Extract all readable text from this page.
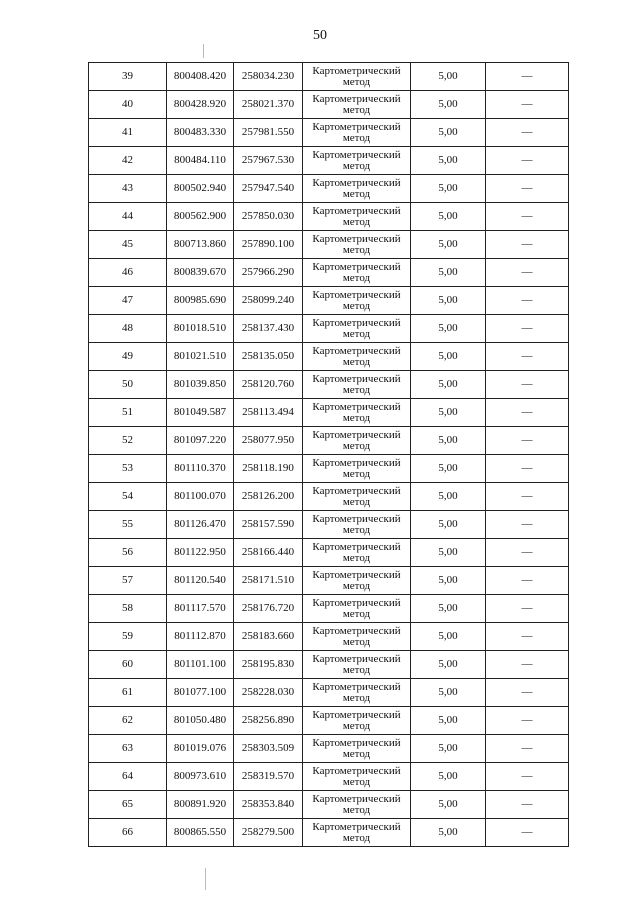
50
39	800408.420	258034.230	Картометрический метод	5,00	—
40	800428.920	258021.370	Картометрический метод	5,00	—
41	800483.330	257981.550	Картометрический метод	5,00	—
42	800484.110	257967.530	Картометрический метод	5,00	—
43	800502.940	257947.540	Картометрический метод	5,00	—
44	800562.900	257850.030	Картометрический метод	5,00	—
45	800713.860	257890.100	Картометрический метод	5,00	—
46	800839.670	257966.290	Картометрический метод	5,00	—
47	800985.690	258099.240	Картометрический метод	5,00	—
48	801018.510	258137.430	Картометрический метод	5,00	—
49	801021.510	258135.050	Картометрический метод	5,00	—
50	801039.850	258120.760	Картометрический метод	5,00	—
51	801049.587	258113.494	Картометрический метод	5,00	—
52	801097.220	258077.950	Картометрический метод	5,00	—
53	801110.370	258118.190	Картометрический метод	5,00	—
54	801100.070	258126.200	Картометрический метод	5,00	—
55	801126.470	258157.590	Картометрический метод	5,00	—
56	801122.950	258166.440	Картометрический метод	5,00	—
57	801120.540	258171.510	Картометрический метод	5,00	—
58	801117.570	258176.720	Картометрический метод	5,00	—
59	801112.870	258183.660	Картометрический метод	5,00	—
60	801101.100	258195.830	Картометрический метод	5,00	—
61	801077.100	258228.030	Картометрический метод	5,00	—
62	801050.480	258256.890	Картометрический метод	5,00	—
63	801019.076	258303.509	Картометрический метод	5,00	—
64	800973.610	258319.570	Картометрический метод	5,00	—
65	800891.920	258353.840	Картометрический метод	5,00	—
66	800865.550	258279.500	Картометрический метод	5,00	—
